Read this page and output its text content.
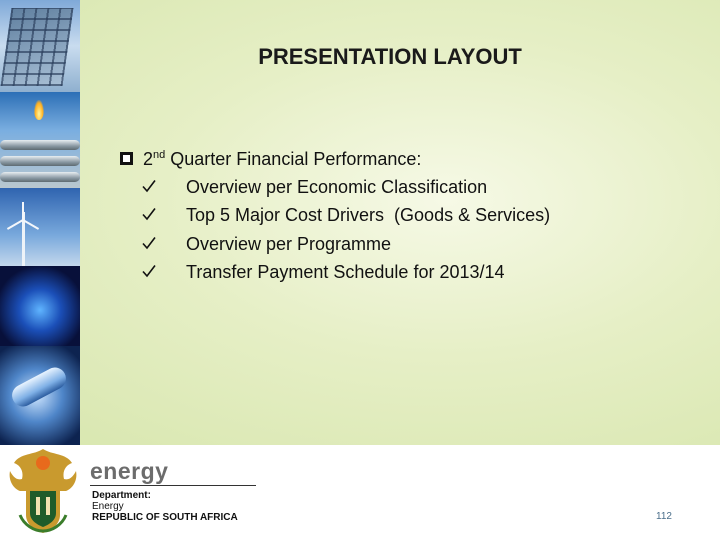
PRESENTATION LAYOUT
2nd Quarter Financial Performance:
Overview per Economic Classification
Top 5 Major Cost Drivers  (Goods & Services)
Overview per Programme
Transfer Payment Schedule for 2013/14
energy
Department:
Energy
REPUBLIC OF SOUTH AFRICA	112
